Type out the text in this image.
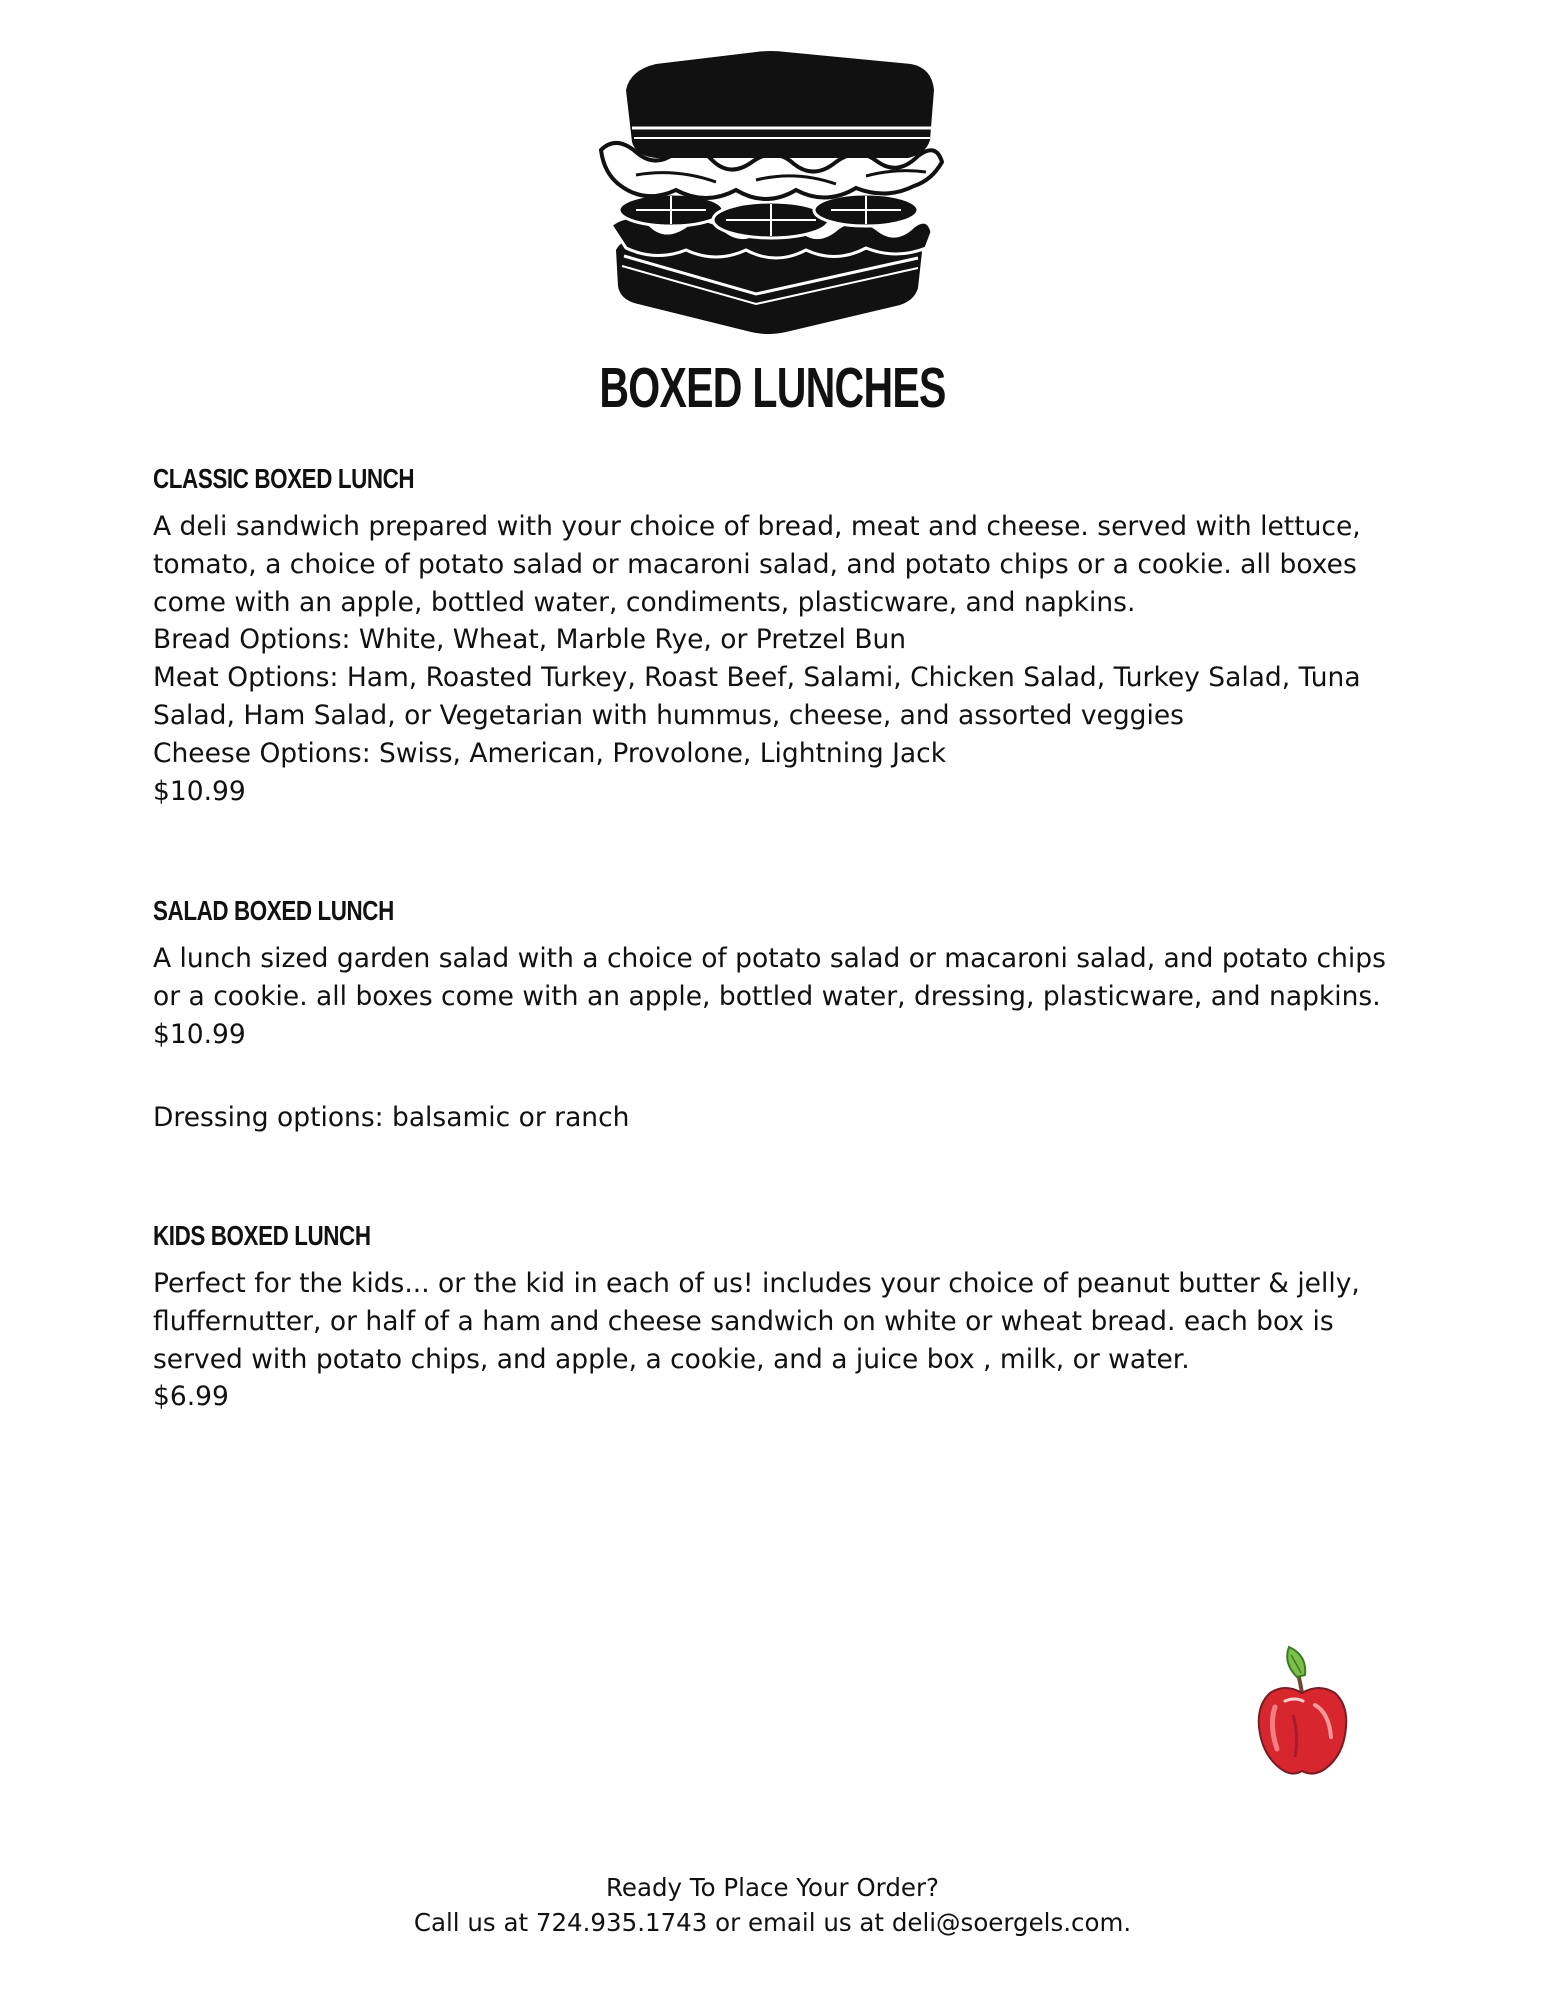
BOXED LUNCHES
CLASSIC BOXED LUNCH

A deli sandwich prepared with your choice of bread, meat and cheese. served with lettuce, tomato, a choice of potato salad or macaroni salad, and potato chips or a cookie. all boxes come with an apple, bottled water, condiments, plasticware, and napkins.
Bread Options: White, Wheat, Marble Rye, or Pretzel Bun
Meat Options: Ham, Roasted Turkey, Roast Beef, Salami, Chicken Salad, Turkey Salad, Tuna Salad, Ham Salad, or Vegetarian with hummus, cheese, and assorted veggies
Cheese Options: Swiss, American, Provolone, Lightning Jack

$10.99

SALAD BOXED LUNCH

A lunch sized garden salad with a choice of potato salad or macaroni salad, and potato chips or a cookie. all boxes come with an apple, bottled water, dressing, plasticware, and napkins.

$10.99

Dressing options: balsamic or ranch

KIDS BOXED LUNCH

Perfect for the kids... or the kid in each of us! includes your choice of peanut butter & jelly, fluffernutter, or half of a ham and cheese sandwich on white or wheat bread. each box is served with potato chips, and apple, a cookie, and a juice box , milk, or water.

$6.99

Ready To Place Your Order?
Call us at 724.935.1743 or email us at deli@soergels.com.
